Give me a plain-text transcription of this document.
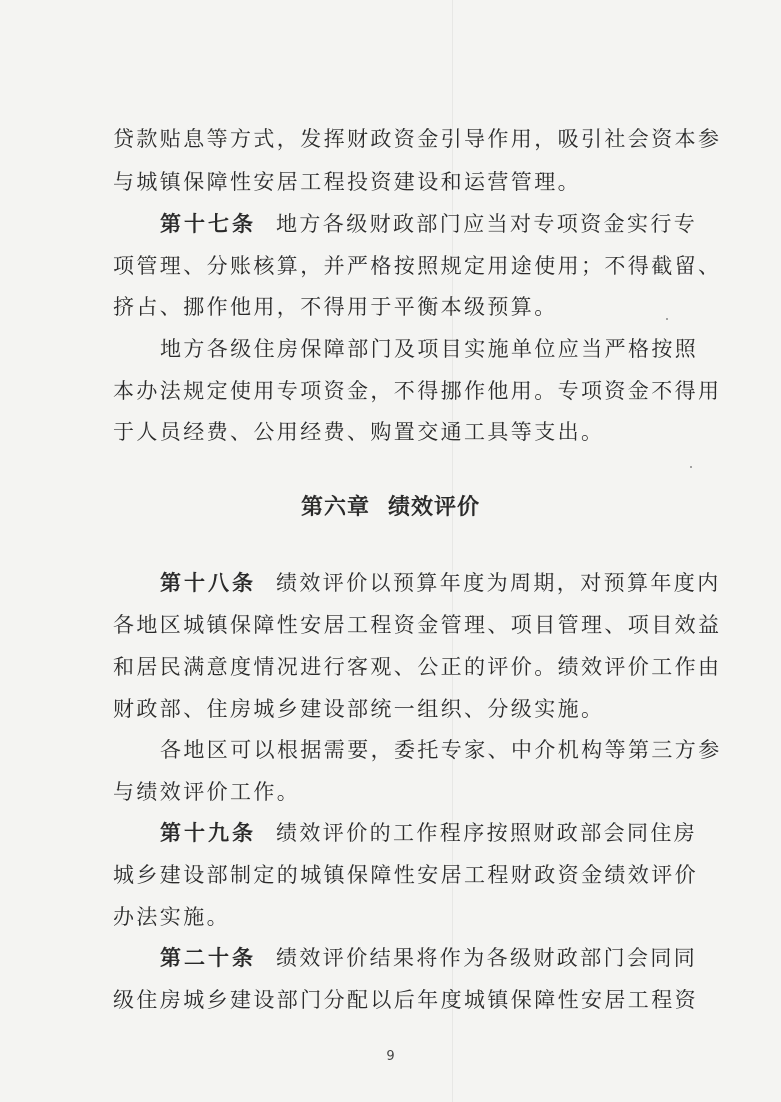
贷款贴息等方式，发挥财政资金引导作用，吸引社会资本参
与城镇保障性安居工程投资建设和运营管理。
第十七条 地方各级财政部门应当对专项资金实行专
项管理、分账核算，并严格按照规定用途使用；不得截留、
挤占、挪作他用，不得用于平衡本级预算。
地方各级住房保障部门及项目实施单位应当严格按照
本办法规定使用专项资金，不得挪作他用。专项资金不得用
于人员经费、公用经费、购置交通工具等支出。
第六章 绩效评价
第十八条 绩效评价以预算年度为周期，对预算年度内
各地区城镇保障性安居工程资金管理、项目管理、项目效益
和居民满意度情况进行客观、公正的评价。绩效评价工作由
财政部、住房城乡建设部统一组织、分级实施。
各地区可以根据需要，委托专家、中介机构等第三方参
与绩效评价工作。
第十九条 绩效评价的工作程序按照财政部会同住房
城乡建设部制定的城镇保障性安居工程财政资金绩效评价
办法实施。
第二十条 绩效评价结果将作为各级财政部门会同同
级住房城乡建设部门分配以后年度城镇保障性安居工程资
9
